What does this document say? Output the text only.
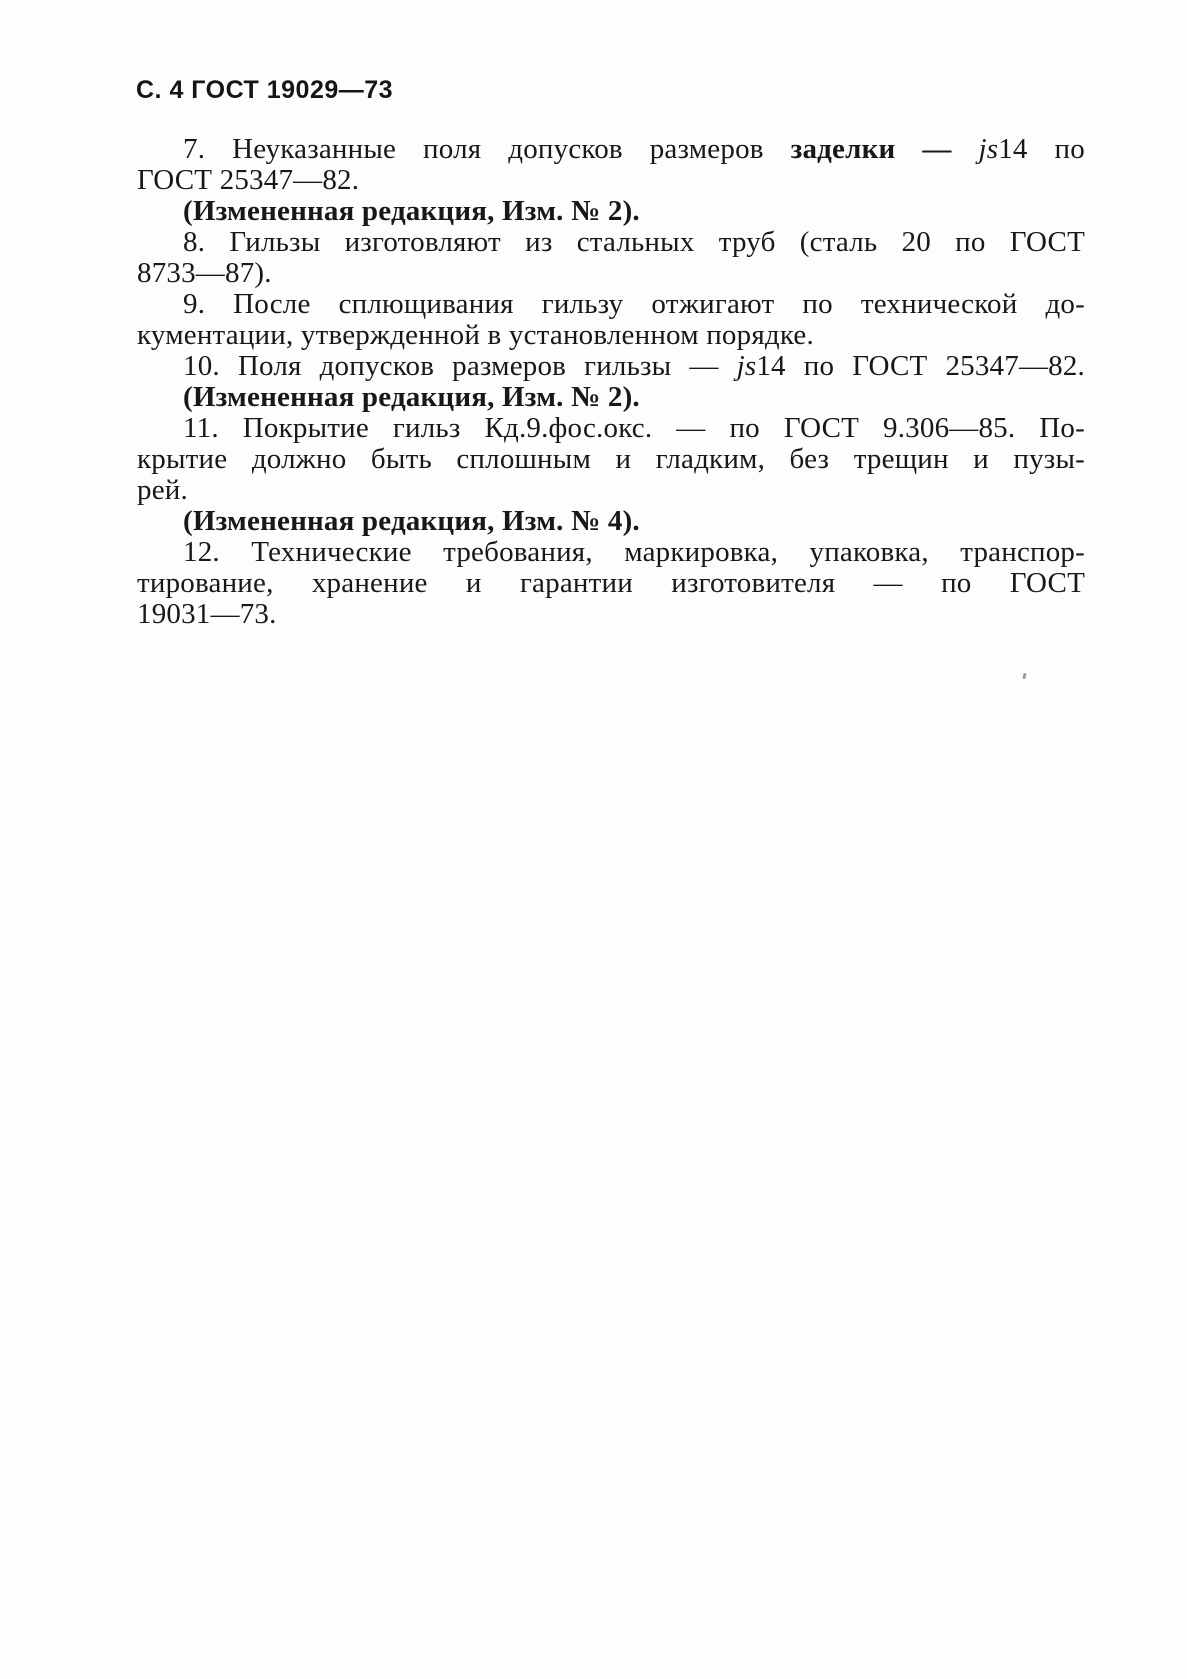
С. 4 ГОСТ 19029—73
7. Неуказанные поля допусков размеров заделки — js14 по
ГОСТ 25347—82.
(Измененная редакция, Изм. № 2).
8. Гильзы изготовляют из стальных труб (сталь 20 по ГОСТ
8733—87).
9. После сплющивания гильзу отжигают по технической до-
кументации, утвержденной в установленном порядке.
10. Поля допусков размеров гильзы — js14 по ГОСТ 25347—82.
(Измененная редакция, Изм. № 2).
11. Покрытие гильз Кд.9.фос.окс. — по ГОСТ 9.306—85. По-
крытие должно быть сплошным и гладким, без трещин и пузы-
рей.
(Измененная редакция, Изм. № 4).
12. Технические требования, маркировка, упаковка, транспор-
тирование, хранение и гарантии изготовителя — по ГОСТ
19031—73.
